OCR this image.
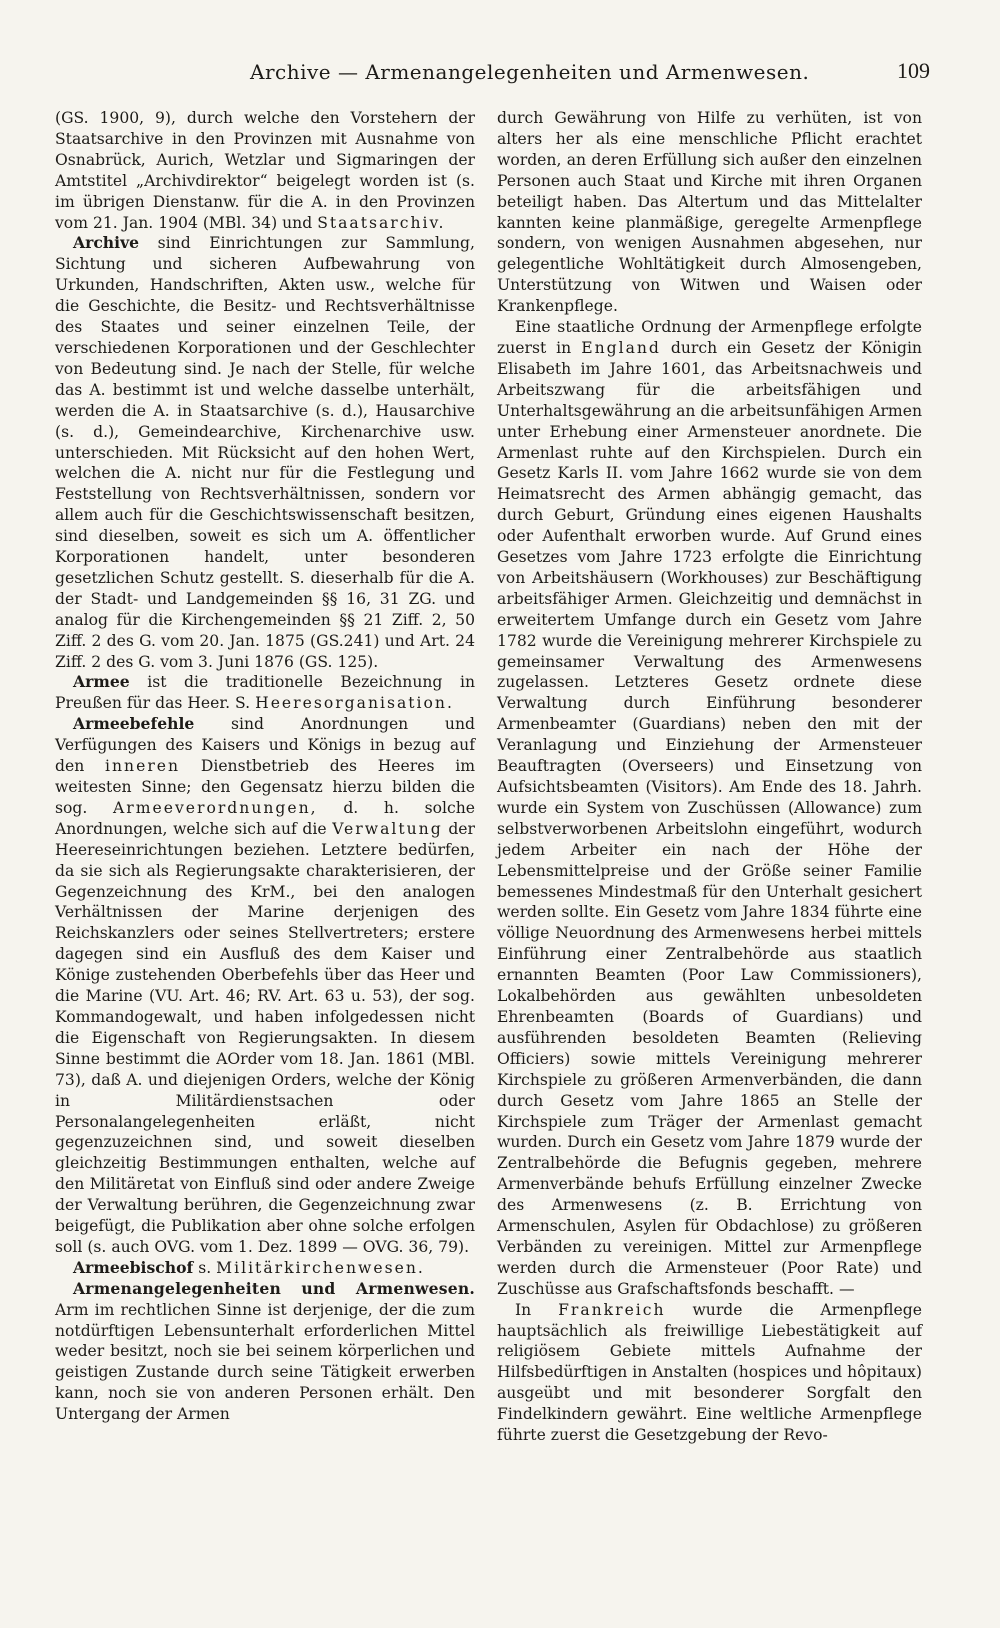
Archive — Armenangelegenheiten und Armenwesen.	109

(GS. 1900, 9), durch welche den Vorstehern der Staatsarchive in den Provinzen mit Ausnahme von Osnabrück, Aurich, Wetzlar und Sigmaringen der Amtstitel „Archivdirektor“ beigelegt worden ist (s. im übrigen Dienstanw. für die A. in den Provinzen vom 21. Jan. 1904 (MBl. 34) und Staatsarchiv.

Archive sind Einrichtungen zur Sammlung, Sichtung und sicheren Aufbewahrung von Urkunden, Handschriften, Akten usw., welche für die Geschichte, die Besitz- und Rechtsverhältnisse des Staates und seiner einzelnen Teile, der verschiedenen Korporationen und der Geschlechter von Bedeutung sind. Je nach der Stelle, für welche das A. bestimmt ist und welche dasselbe unterhält, werden die A. in Staatsarchive (s. d.), Hausarchive (s. d.), Gemeindearchive, Kirchenarchive usw. unterschieden. Mit Rücksicht auf den hohen Wert, welchen die A. nicht nur für die Festlegung und Feststellung von Rechtsverhältnissen, sondern vor allem auch für die Geschichtswissenschaft besitzen, sind dieselben, soweit es sich um A. öffentlicher Korporationen handelt, unter besonderen gesetzlichen Schutz gestellt. S. dieserhalb für die A. der Stadt- und Landgemeinden §§ 16, 31 ZG. und analog für die Kirchengemeinden §§ 21 Ziff. 2, 50 Ziff. 2 des G. vom 20. Jan. 1875 (GS.241) und Art. 24 Ziff. 2 des G. vom 3. Juni 1876 (GS. 125).

Armee ist die traditionelle Bezeichnung in Preußen für das Heer. S. Heeresorganisation.

Armeebefehle sind Anordnungen und Verfügungen des Kaisers und Königs in bezug auf den inneren Dienstbetrieb des Heeres im weitesten Sinne; den Gegensatz hierzu bilden die sog. Armeeverordnungen, d. h. solche Anordnungen, welche sich auf die Verwaltung der Heereseinrichtungen beziehen. Letztere bedürfen, da sie sich als Regierungsakte charakterisieren, der Gegenzeichnung des KrM., bei den analogen Verhältnissen der Marine derjenigen des Reichskanzlers oder seines Stellvertreters; erstere dagegen sind ein Ausfluß des dem Kaiser und Könige zustehenden Oberbefehls über das Heer und die Marine (VU. Art. 46; RV. Art. 63 u. 53), der sog. Kommandogewalt, und haben infolgedessen nicht die Eigenschaft von Regierungsakten. In diesem Sinne bestimmt die AOrder vom 18. Jan. 1861 (MBl. 73), daß A. und diejenigen Orders, welche der König in Militärdienstsachen oder Personalangelegenheiten erläßt, nicht gegenzuzeichnen sind, und soweit dieselben gleichzeitig Bestimmungen enthalten, welche auf den Militäretat von Einfluß sind oder andere Zweige der Verwaltung berühren, die Gegenzeichnung zwar beigefügt, die Publikation aber ohne solche erfolgen soll (s. auch OVG. vom 1. Dez. 1899 — OVG. 36, 79).

Armeebischof s. Militärkirchenwesen.

Armenangelegenheiten und Armenwesen. Arm im rechtlichen Sinne ist derjenige, der die zum notdürftigen Lebensunterhalt erforderlichen Mittel weder besitzt, noch sie bei seinem körperlichen und geistigen Zustande durch seine Tätigkeit erwerben kann, noch sie von anderen Personen erhält. Den Untergang der Armen

durch Gewährung von Hilfe zu verhüten, ist von alters her als eine menschliche Pflicht erachtet worden, an deren Erfüllung sich außer den einzelnen Personen auch Staat und Kirche mit ihren Organen beteiligt haben. Das Altertum und das Mittelalter kannten keine planmäßige, geregelte Armenpflege sondern, von wenigen Ausnahmen abgesehen, nur gelegentliche Wohltätigkeit durch Almosengeben, Unterstützung von Witwen und Waisen oder Krankenpflege.

Eine staatliche Ordnung der Armenpflege erfolgte zuerst in England durch ein Gesetz der Königin Elisabeth im Jahre 1601, das Arbeitsnachweis und Arbeitszwang für die arbeitsfähigen und Unterhaltsgewährung an die arbeitsunfähigen Armen unter Erhebung einer Armensteuer anordnete. Die Armenlast ruhte auf den Kirchspielen. Durch ein Gesetz Karls II. vom Jahre 1662 wurde sie von dem Heimatsrecht des Armen abhängig gemacht, das durch Geburt, Gründung eines eigenen Haushalts oder Aufenthalt erworben wurde. Auf Grund eines Gesetzes vom Jahre 1723 erfolgte die Einrichtung von Arbeitshäusern (Workhouses) zur Beschäftigung arbeitsfähiger Armen. Gleichzeitig und demnächst in erweitertem Umfange durch ein Gesetz vom Jahre 1782 wurde die Vereinigung mehrerer Kirchspiele zu gemeinsamer Verwaltung des Armenwesens zugelassen. Letzteres Gesetz ordnete diese Verwaltung durch Einführung besonderer Armenbeamter (Guardians) neben den mit der Veranlagung und Einziehung der Armensteuer Beauftragten (Overseers) und Einsetzung von Aufsichtsbeamten (Visitors). Am Ende des 18. Jahrh. wurde ein System von Zuschüssen (Allowance) zum selbstverworbenen Arbeitslohn eingeführt, wodurch jedem Arbeiter ein nach der Höhe der Lebensmittelpreise und der Größe seiner Familie bemessenes Mindestmaß für den Unterhalt gesichert werden sollte. Ein Gesetz vom Jahre 1834 führte eine völlige Neuordnung des Armenwesens herbei mittels Einführung einer Zentralbehörde aus staatlich ernannten Beamten (Poor Law Commissioners), Lokalbehörden aus gewählten unbesoldeten Ehrenbeamten (Boards of Guardians) und ausführenden besoldeten Beamten (Relieving Officiers) sowie mittels Vereinigung mehrerer Kirchspiele zu größeren Armenverbänden, die dann durch Gesetz vom Jahre 1865 an Stelle der Kirchspiele zum Träger der Armenlast gemacht wurden. Durch ein Gesetz vom Jahre 1879 wurde der Zentralbehörde die Befugnis gegeben, mehrere Armenverbände behufs Erfüllung einzelner Zwecke des Armenwesens (z. B. Errichtung von Armenschulen, Asylen für Obdachlose) zu größeren Verbänden zu vereinigen. Mittel zur Armenpflege werden durch die Armensteuer (Poor Rate) und Zuschüsse aus Grafschaftsfonds beschafft. —

In Frankreich wurde die Armenpflege hauptsächlich als freiwillige Liebestätigkeit auf religiösem Gebiete mittels Aufnahme der Hilfsbedürftigen in Anstalten (hospices und hôpitaux) ausgeübt und mit besonderer Sorgfalt den Findelkindern gewährt. Eine weltliche Armenpflege führte zuerst die Gesetzgebung der Revo-
